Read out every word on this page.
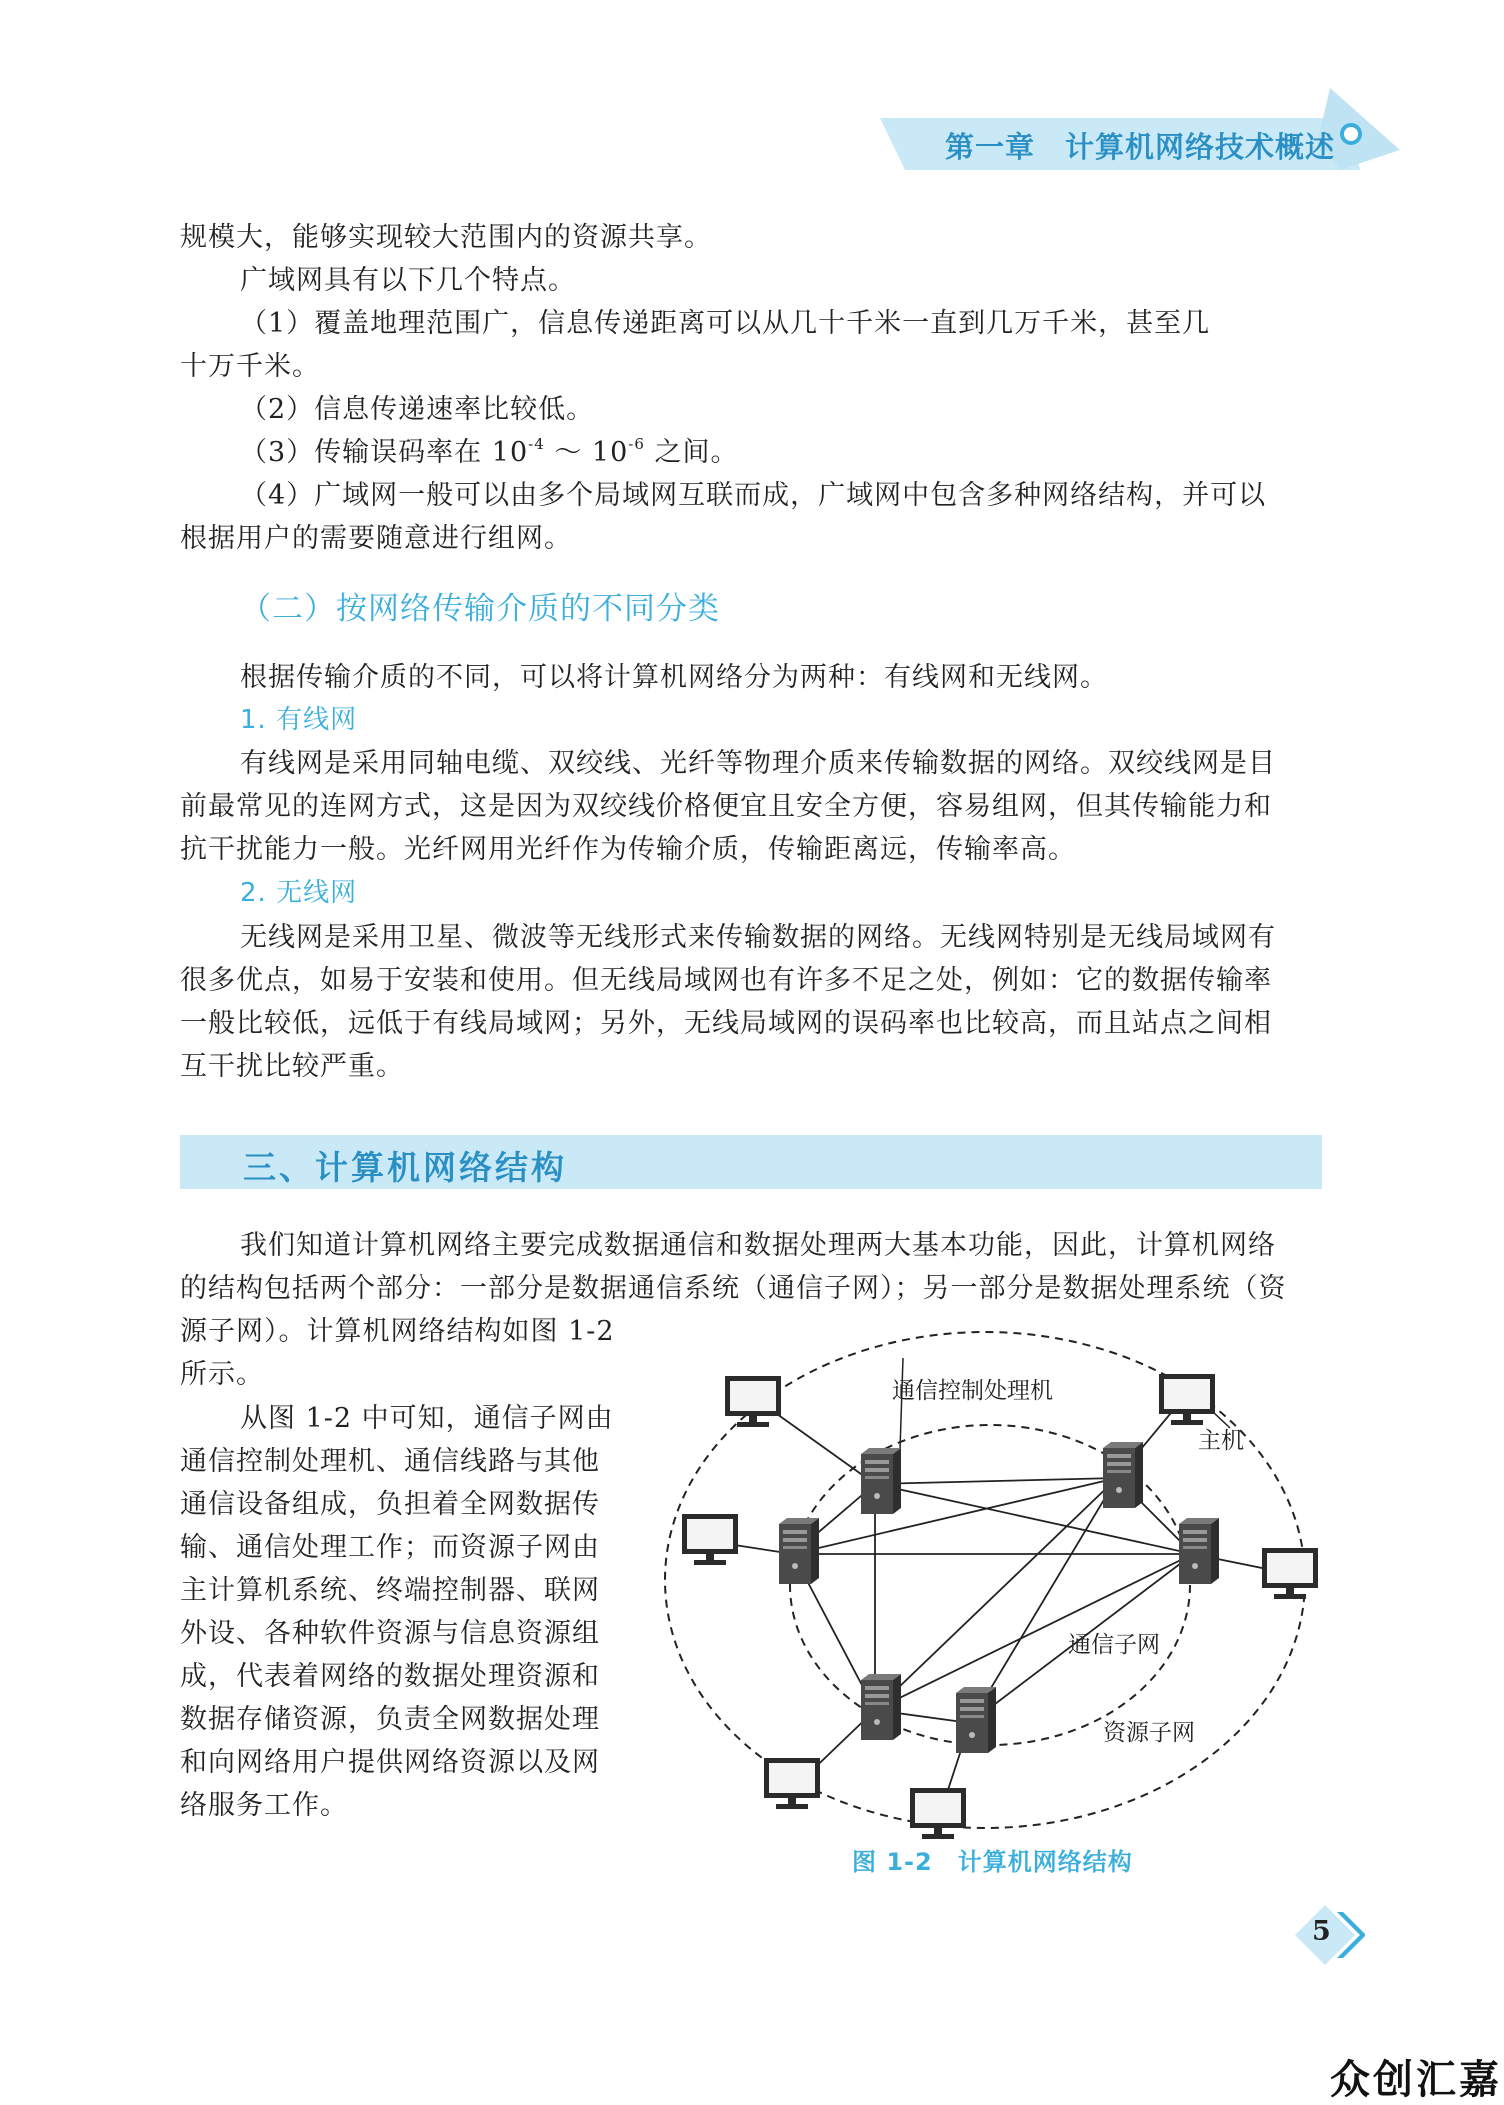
第一章　计算机网络技术概述

规模大，能够实现较大范围内的资源共享。

广域网具有以下几个特点。

（1）覆盖地理范围广，信息传递距离可以从几十千米一直到几万千米，甚至几

十万千米。

（2）信息传递速率比较低。

（3）传输误码率在 $10^{-4}$ ～ $10^{-6}$ 之间。

（4）广域网一般可以由多个局域网互联而成，广域网中包含多种网络结构，并可以

根据用户的需要随意进行组网。

（二）按网络传输介质的不同分类

根据传输介质的不同，可以将计算机网络分为两种：有线网和无线网。

1. 有线网

有线网是采用同轴电缆、双绞线、光纤等物理介质来传输数据的网络。双绞线网是目

前最常见的连网方式，这是因为双绞线价格便宜且安全方便，容易组网，但其传输能力和

抗干扰能力一般。光纤网用光纤作为传输介质，传输距离远，传输率高。

2. 无线网

无线网是采用卫星、微波等无线形式来传输数据的网络。无线网特别是无线局域网有

很多优点，如易于安装和使用。但无线局域网也有许多不足之处，例如：它的数据传输率

一般比较低，远低于有线局域网；另外，无线局域网的误码率也比较高，而且站点之间相

互干扰比较严重。

三、计算机网络结构

我们知道计算机网络主要完成数据通信和数据处理两大基本功能，因此，计算机网络

的结构包括两个部分：一部分是数据通信系统（通信子网）；另一部分是数据处理系统（资

源子网）。计算机网络结构如图 1-2

所示。

从图 1-2 中可知，通信子网由

通信控制处理机、通信线路与其他

通信设备组成，负担着全网数据传

输、通信处理工作；而资源子网由

主计算机系统、终端控制器、联网

外设、各种软件资源与信息资源组

成，代表着网络的数据处理资源和

数据存储资源，负责全网数据处理

和向网络用户提供网络资源以及网

络服务工作。

通信控制处理机
主机
通信子网
资源子网
图 1-2　计算机网络结构
5
众创汇嘉
